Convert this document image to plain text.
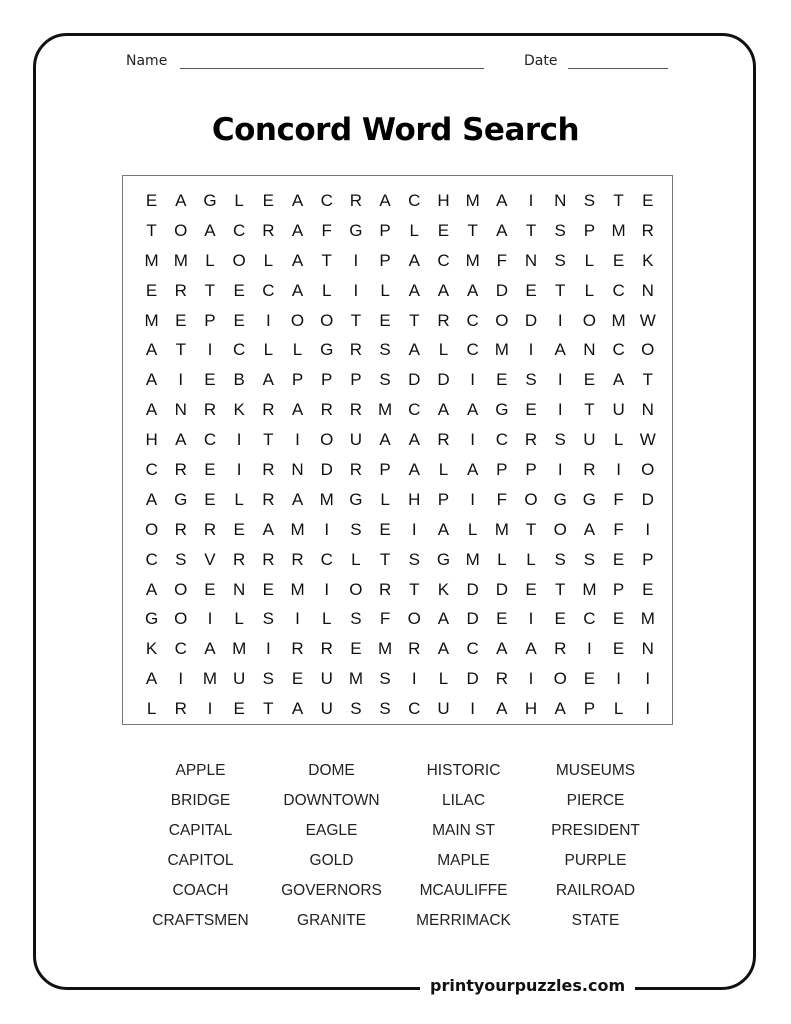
Name	Date
Concord Word Search
E	A G	L	E	A	C R	A	C H M A	I	N	S	T	E
T	O A	C R	A	F	G P	L	E	T	A	T	S	P M R
M M	L	O	L	A	T	I	P	A	C M F	N	S	L	E	K
E	R	T	E	C	A	L	I	L	A	A	A	D	E	T	L	C N
M E	P	E	I	O O	T	E	T	R C O D	I	O M W
A	T	I	C	L	L	G R	S	A	L	C M	I	A	N C O
A	I	E	B	A	P	P	P	S	D D	I	E	S	I	E	A	T
A	N R	K	R	A	R R M C	A	A G E	I	T	U N
H	A	C	I	T	I	O U	A	A	R	I	C R	S	U	L W
C R	E	I	R N D R	P	A	L	A	P	P	I	R	I	O
A G E	L	R	A M G	L	H	P	I	F	O G G	F	D
O R R	E	A M	I	S	E	I	A	L	M T	O A	F	I
C	S	V	R R R C	L	T	S G M	L	L	S	S	E	P
A O E	N	E M	I	O R	T	K	D D	E	T M P	E
G O	I	L	S	I	L	S	F	O A	D	E	I	E	C	E M
K	C	A M	I	R R	E M R	A	C	A	A	R	I	E	N
A	I	M U	S	E	U M S	I	L	D R	I	O E	I	I
L	R	I	E	T	A	U	S	S	C U	I	A	H	A	P	L	I
APPLE	DOME	HISTORIC	MUSEUMS
BRIDGE	DOWNTOWN	LILAC	PIERCE
CAPITAL	EAGLE	MAIN ST	PRESIDENT
CAPITOL	GOLD	MAPLE	PURPLE
COACH	GOVERNORS	MCAULIFFE	RAILROAD
CRAFTSMEN	GRANITE	MERRIMACK	STATE
printyourpuzzles.com
